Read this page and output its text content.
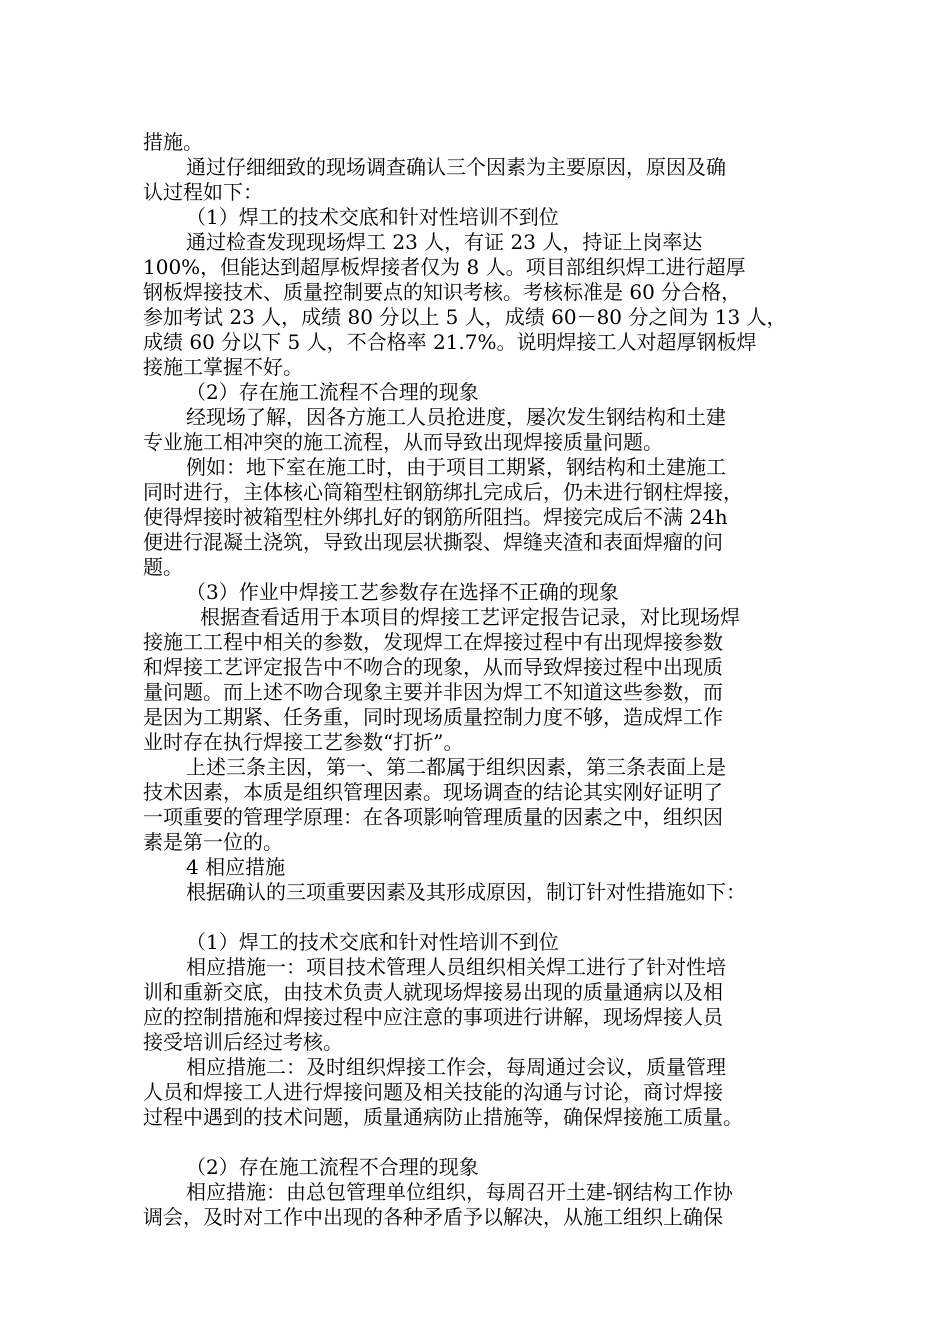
措施。
通过仔细细致的现场调查确认三个因素为主要原因，原因及确
认过程如下：
（1）焊工的技术交底和针对性培训不到位
通过检查发现现场焊工 23 人，有证 23 人，持证上岗率达
100%，但能达到超厚板焊接者仅为 8 人。项目部组织焊工进行超厚
钢板焊接技术、质量控制要点的知识考核。考核标准是 60 分合格，
参加考试 23 人，成绩 80 分以上 5 人，成绩 60－80 分之间为 13 人，
成绩 60 分以下 5 人，不合格率 21.7%。说明焊接工人对超厚钢板焊
接施工掌握不好。
（2）存在施工流程不合理的现象
经现场了解，因各方施工人员抢进度，屡次发生钢结构和土建
专业施工相冲突的施工流程，从而导致出现焊接质量问题。
例如：地下室在施工时，由于项目工期紧，钢结构和土建施工
同时进行，主体核心筒箱型柱钢筋绑扎完成后，仍未进行钢柱焊接，
使得焊接时被箱型柱外绑扎好的钢筋所阻挡。焊接完成后不满 24h
便进行混凝土浇筑，导致出现层状撕裂、焊缝夹渣和表面焊瘤的问
题。
（3）作业中焊接工艺参数存在选择不正确的现象
根据查看适用于本项目的焊接工艺评定报告记录，对比现场焊
接施工工程中相关的参数，发现焊工在焊接过程中有出现焊接参数
和焊接工艺评定报告中不吻合的现象，从而导致焊接过程中出现质
量问题。而上述不吻合现象主要并非因为焊工不知道这些参数，而
是因为工期紧、任务重，同时现场质量控制力度不够，造成焊工作
业时存在执行焊接工艺参数“打折”。
上述三条主因，第一、第二都属于组织因素，第三条表面上是
技术因素，本质是组织管理因素。现场调查的结论其实刚好证明了
一项重要的管理学原理：在各项影响管理质量的因素之中，组织因
素是第一位的。
4 相应措施
根据确认的三项重要因素及其形成原因，制订针对性措施如下：
（1）焊工的技术交底和针对性培训不到位
相应措施一：项目技术管理人员组织相关焊工进行了针对性培
训和重新交底，由技术负责人就现场焊接易出现的质量通病以及相
应的控制措施和焊接过程中应注意的事项进行讲解，现场焊接人员
接受培训后经过考核。
相应措施二：及时组织焊接工作会，每周通过会议，质量管理
人员和焊接工人进行焊接问题及相关技能的沟通与讨论，商讨焊接
过程中遇到的技术问题，质量通病防止措施等，确保焊接施工质量。
（2）存在施工流程不合理的现象
相应措施：由总包管理单位组织，每周召开土建-钢结构工作协
调会，及时对工作中出现的各种矛盾予以解决，从施工组织上确保
